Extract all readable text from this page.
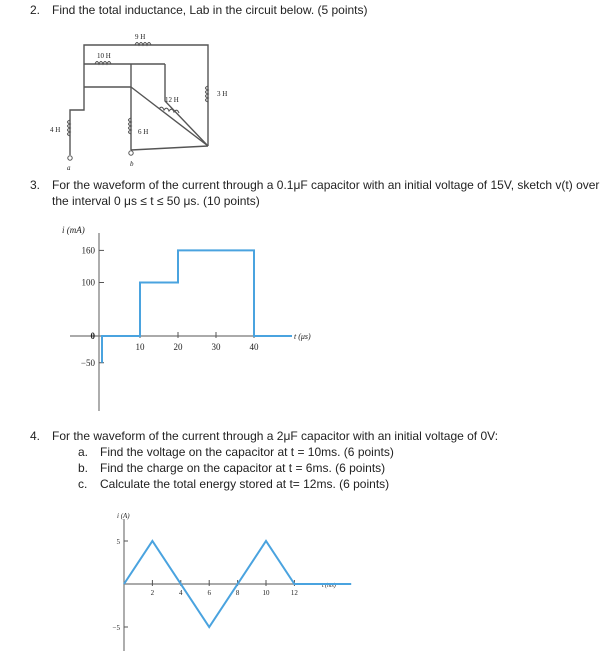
2. Find the total inductance, Lab in the circuit below. (5 points)
9 H
10 H
12 H
3 H
4 H	6 H
a	b
3. For the waveform of the current through a 0.1μF capacitor with an initial voltage of 15V, sketch v(t) over
the interval 0 μs ≤ t ≤ 50 μs. (10 points)
i (mA)
t (μs)
160
100
0
−50
10	20	30	40
4. For the waveform of the current through a 2μF capacitor with an initial voltage of 0V:
a. Find the voltage on the capacitor at t = 10ms. (6 points)
b. Find the charge on the capacitor at t = 6ms. (6 points)
c. Calculate the total energy stored at t= 12ms. (6 points)
i (A)
t (ms)
5
−5
2	4	6	8	10	12
